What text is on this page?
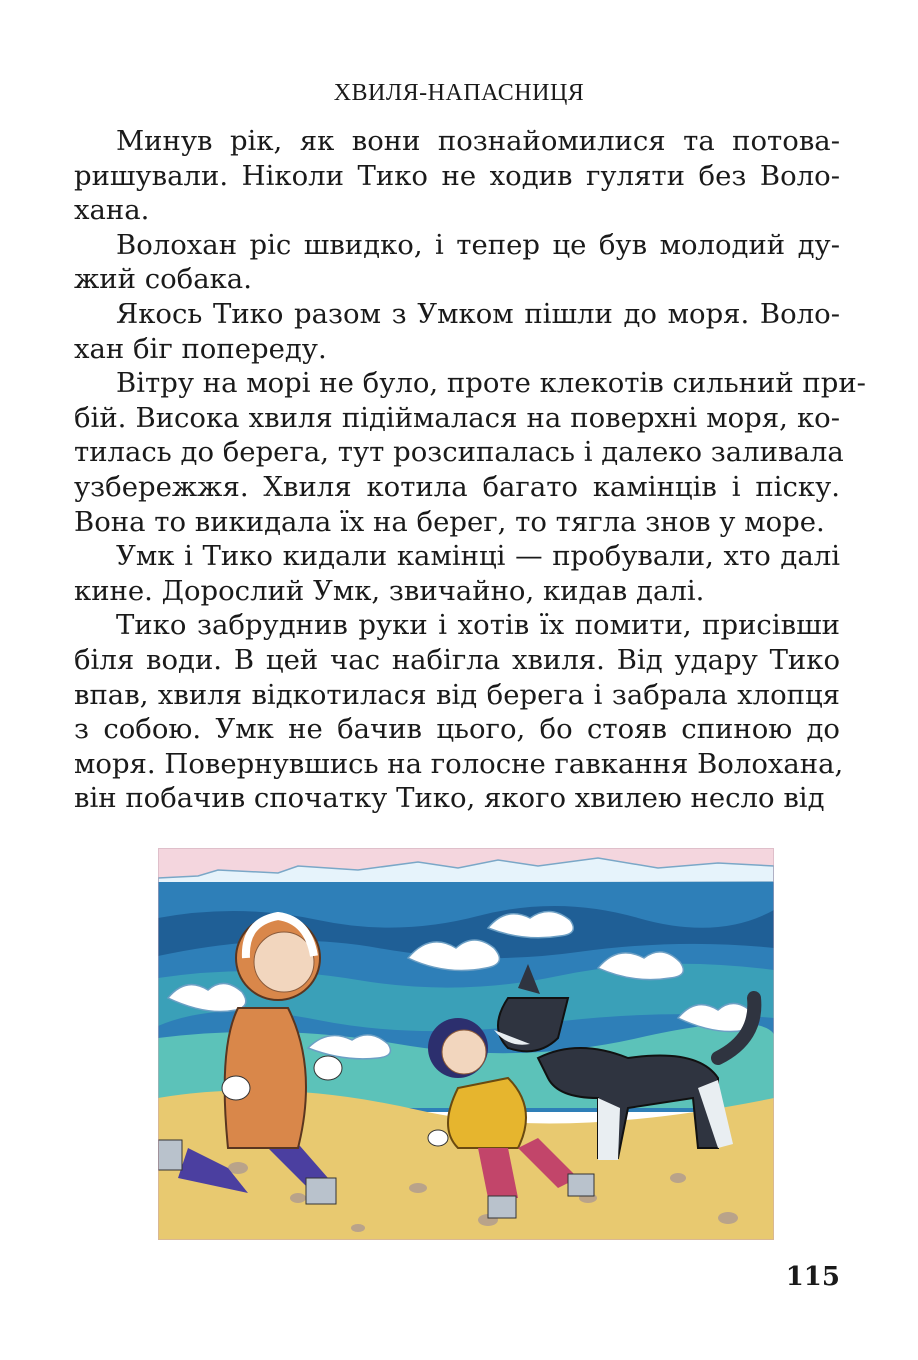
ХВИЛЯ-НАПАСНИЦЯ
Минув рік, як вони познайомилися та потова-
ришували. Ніколи Тико не ходив гуляти без Воло-
хана.
Волохан ріс швидко, і тепер це був молодий ду-
жий собака.
Якось Тико разом з Умком пішли до моря. Воло-
хан біг попереду.
Вітру на морі не було, проте клекотів сильний при-
бій. Висока хвиля підіймалася на поверхні моря, ко-
тилась до берега, тут розсипалась і далеко заливала
узбережжя. Хвиля котила багато камінців і піску.
Вона то викидала їх на берег, то тягла знов у море.
Умк і Тико кидали камінці — пробували, хто далі
кине. Дорослий Умк, звичайно, кидав далі.
Тико забруднив руки і хотів їх помити, присівши
біля води. В цей час набігла хвиля. Від удару Тико
впав, хвиля відкотилася від берега і забрала хлопця
з собою. Умк не бачив цього, бо стояв спиною до
моря. Повернувшись на голосне гавкання Волохана,
він побачив спочатку Тико, якого хвилею несло від
115
